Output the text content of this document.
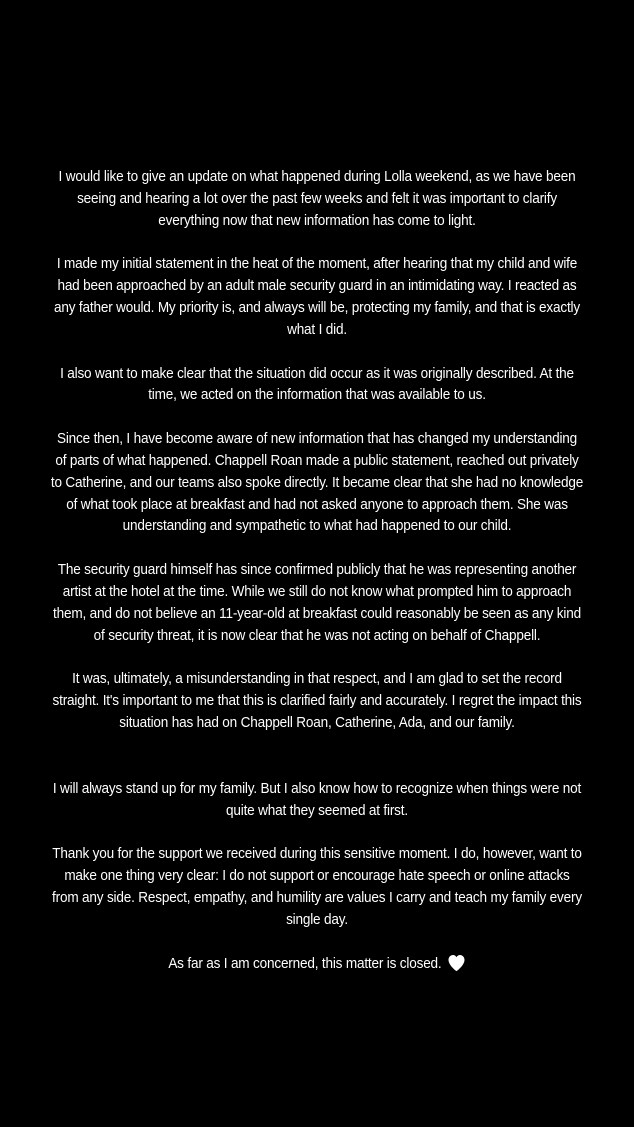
I would like to give an update on what happened during Lolla weekend, as we have been seeing and hearing a lot over the past few weeks and felt it was important to clarify everything now that new information has come to light.

I made my initial statement in the heat of the moment, after hearing that my child and wife had been approached by an adult male security guard in an intimidating way. I reacted as any father would. My priority is, and always will be, protecting my family, and that is exactly what I did.

I also want to make clear that the situation did occur as it was originally described. At the time, we acted on the information that was available to us.

Since then, I have become aware of new information that has changed my understanding of parts of what happened. Chappell Roan made a public statement, reached out privately to Catherine, and our teams also spoke directly. It became clear that she had no knowledge of what took place at breakfast and had not asked anyone to approach them. She was understanding and sympathetic to what had happened to our child.

The security guard himself has since confirmed publicly that he was representing another artist at the hotel at the time. While we still do not know what prompted him to approach them, and do not believe an 11-year-old at breakfast could reasonably be seen as any kind of security threat, it is now clear that he was not acting on behalf of Chappell.

It was, ultimately, a misunderstanding in that respect, and I am glad to set the record straight. It's important to me that this is clarified fairly and accurately. I regret the impact this situation has had on Chappell Roan, Catherine, Ada, and our family.

I will always stand up for my family. But I also know how to recognize when things were not quite what they seemed at first.

Thank you for the support we received during this sensitive moment. I do, however, want to make one thing very clear: I do not support or encourage hate speech or online attacks from any side. Respect, empathy, and humility are values I carry and teach my family every single day.

As far as I am concerned, this matter is closed.
